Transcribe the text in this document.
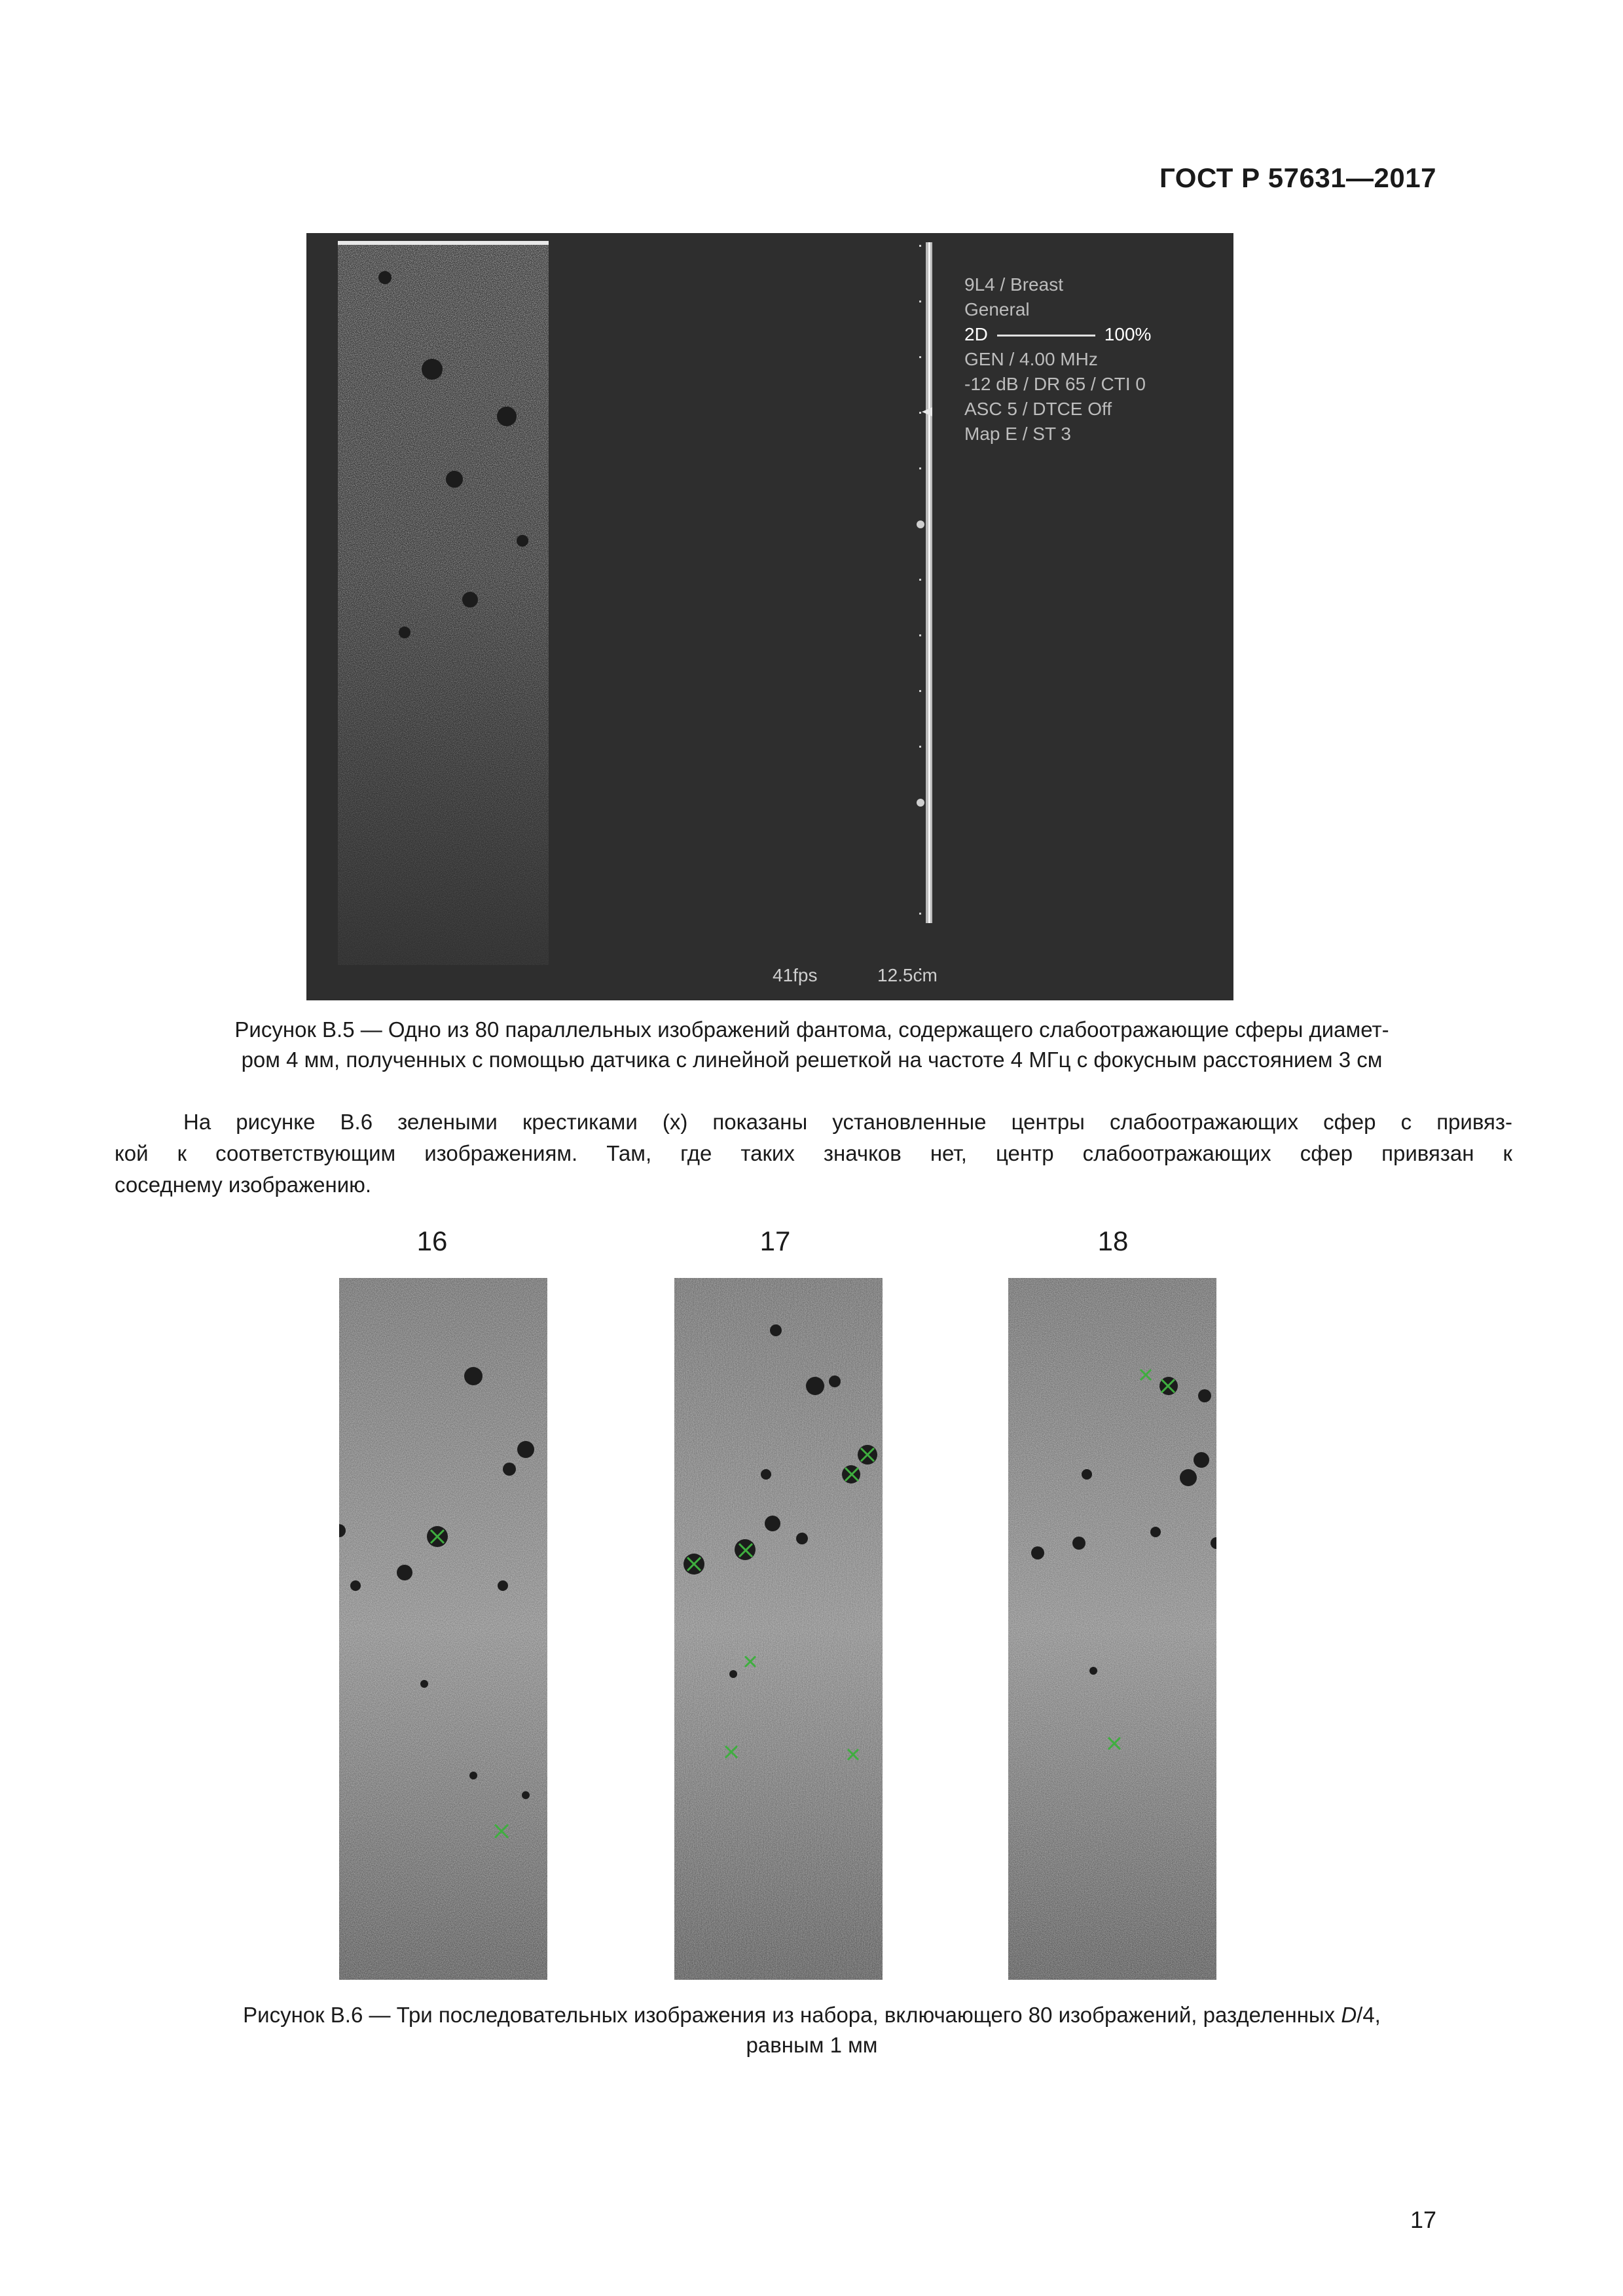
ГОСТ Р 57631—2017
9L4 / Breast
General
2D	100%
GEN / 4.00 MHz
-12 dB / DR 65 / CTI 0
ASC 5 / DTCE Off
Map E / ST 3
41fps	12.5cm
Рисунок В.5 — Одно из 80 параллельных изображений фантома, содержащего слабоотражающие сферы диамет-
ром 4 мм, полученных с помощью датчика с линейной решеткой на частоте 4 МГц с фокусным расстоянием 3 см
На рисунке В.6 зелеными крестиками (x) показаны установленные центры слабоотражающих сфер с привяз-
кой к соответствующим изображениям. Там, где таких значков нет, центр слабоотражающих сфер привязан к
соседнему изображению.
16	17	18
Рисунок В.6 — Три последовательных изображения из набора, включающего 80 изображений, разделенных D/4,
равным 1 мм
17
